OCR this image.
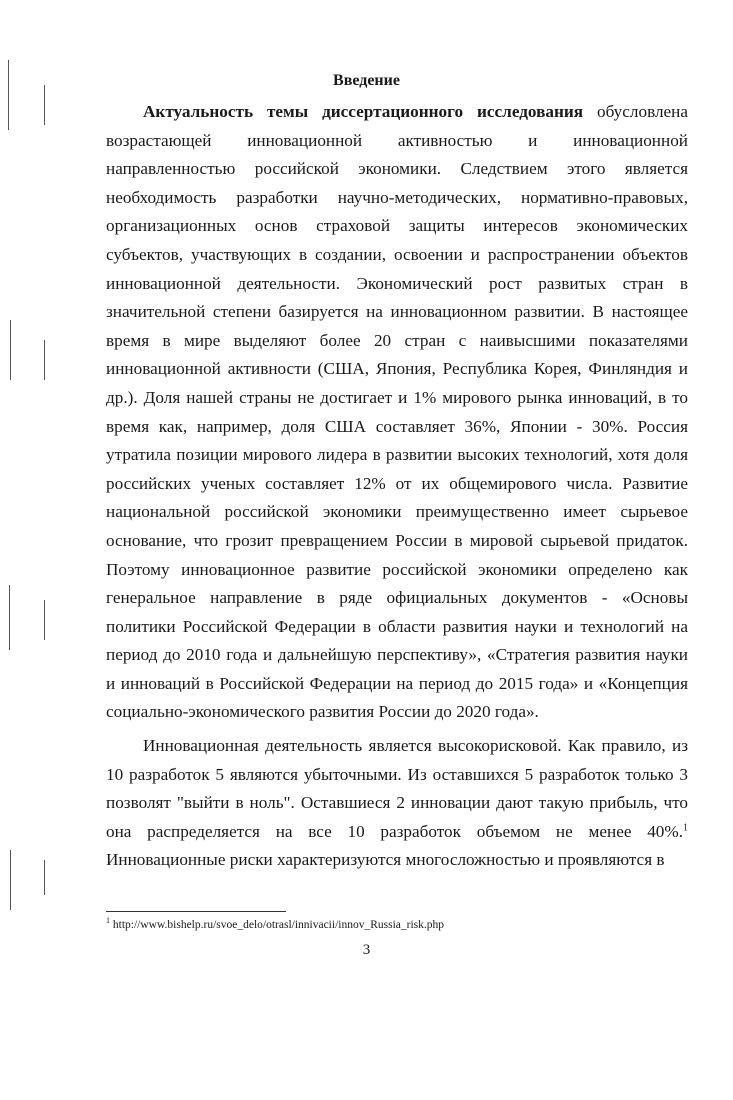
Введение

Актуальность темы диссертационного исследования обусловлена возрастающей инновационной активностью и инновационной направленностью российской экономики. Следствием этого является необходимость разработки научно-методических, нормативно-правовых, организационных основ страховой защиты интересов экономических субъектов, участвующих в создании, освоении и распространении объектов инновационной деятельности. Экономический рост развитых стран в значительной степени базируется на инновационном развитии. В настоящее время в мире выделяют более 20 стран с наивысшими показателями инновационной активности (США, Япония, Республика Корея, Финляндия и др.). Доля нашей страны не достигает и 1% мирового рынка инноваций, в то время как, например, доля США составляет 36%, Японии - 30%. Россия утратила позиции мирового лидера в развитии высоких технологий, хотя доля российских ученых составляет 12% от их общемирового числа. Развитие национальной российской экономики преимущественно имеет сырьевое основание, что грозит превращением России в мировой сырьевой придаток. Поэтому инновационное развитие российской экономики определено как генеральное направление в ряде официальных документов - «Основы политики Российской Федерации в области развития науки и технологий на период до 2010 года и дальнейшую перспективу», «Стратегия развития науки и инноваций в Российской Федерации на период до 2015 года» и «Концепция социально-экономического развития России до 2020 года».

Инновационная деятельность является высокорисковой. Как правило, из 10 разработок 5 являются убыточными. Из оставшихся 5 разработок только 3 позволят "выйти в ноль". Оставшиеся 2 инновации дают такую прибыль, что она распределяется на все 10 разработок объемом не менее 40%.$^1$ Инновационные риски характеризуются многосложностью и проявляются в

$^1$ http://www.bishelp.ru/svoe_delo/otrasl/innivacii/innov_Russia_risk.php
3
